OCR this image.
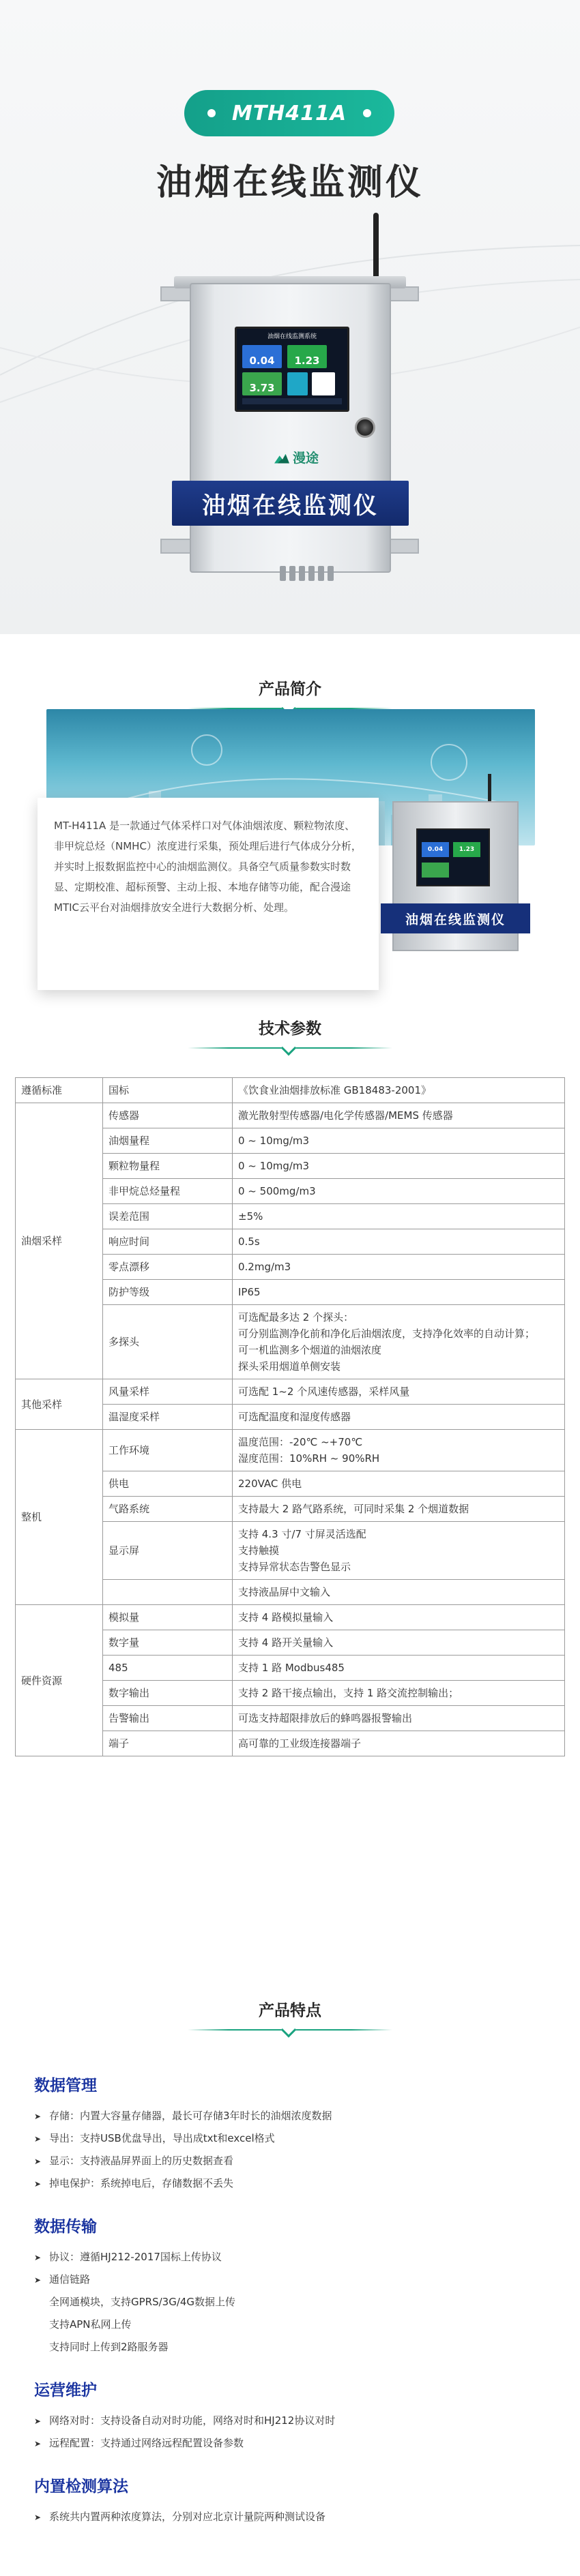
MTH411A
油烟在线监测仪
油烟在线监测系统
0.04	1.23
3.73
漫途
油烟在线监测仪
产品简介

MT-H411A 是一款通过气体采样口对气体油烟浓度、颗粒物浓度、非甲烷总烃（NMHC）浓度进行采集，预处理后进行气体成分分析，并实时上报数据监控中心的油烟监测仪。具备空气质量参数实时数显、定期校准、超标预警、主动上报、本地存储等功能，配合漫途MTIC云平台对油烟排放安全进行大数据分析、处理。

0.04	1.23
油烟在线监测仪
技术参数
遵循标准	国标	《饮食业油烟排放标准 GB18483-2001》

油烟采样	传感器	激光散射型传感器/电化学传感器/MEMS 传感器

	油烟量程	0 ~ 10mg/m3

	颗粒物量程	0 ~ 10mg/m3

	非甲烷总烃量程	0 ~ 500mg/m3

	误差范围	±5%

	响应时间	0.5s

	零点漂移	0.2mg/m3

	防护等级	IP65

	多探头	可选配最多达 2 个探头：
可分别监测净化前和净化后油烟浓度，支持净化效率的自动计算；
可一机监测多个烟道的油烟浓度
探头采用烟道单侧安装

其他采样	风量采样	可选配 1~2 个风速传感器，采样风量

	温湿度采样	可选配温度和湿度传感器

整机	工作环境	温度范围：-20℃ ~+70℃
湿度范围：10%RH ~ 90%RH

	供电	220VAC 供电

	气路系统	支持最大 2 路气路系统，可同时采集 2 个烟道数据

	显示屏	支持 4.3 寸/7 寸屏灵活选配
支持触摸
支持异常状态告警色显示

		支持液晶屏中文输入

硬件资源	模拟量	支持 4 路模拟量输入

	数字量	支持 4 路开关量输入

	485	支持 1 路 Modbus485

	数字输出	支持 2 路干接点输出，支持 1 路交流控制输出；

	告警输出	可选支持超限排放后的蜂鸣器报警输出

	端子	高可靠的工业级连接器端子
产品特点
数据管理
➤ 存储：内置大容量存储器，最长可存储3年时长的油烟浓度数据
➤ 导出：支持USB优盘导出，导出成txt和excel格式
➤ 显示：支持液晶屏界面上的历史数据查看
➤ 掉电保护：系统掉电后，存储数据不丢失
数据传输
➤ 协议：遵循HJ212-2017国标上传协议
➤ 通信链路
全网通模块，支持GPRS/3G/4G数据上传
支持APN私网上传
支持同时上传到2路服务器
运营维护
➤ 网络对时：支持设备自动对时功能，网络对时和HJ212协议对时
➤ 远程配置：支持通过网络远程配置设备参数
内置检测算法
➤ 系统共内置两种浓度算法，分别对应北京计量院两种测试设备
